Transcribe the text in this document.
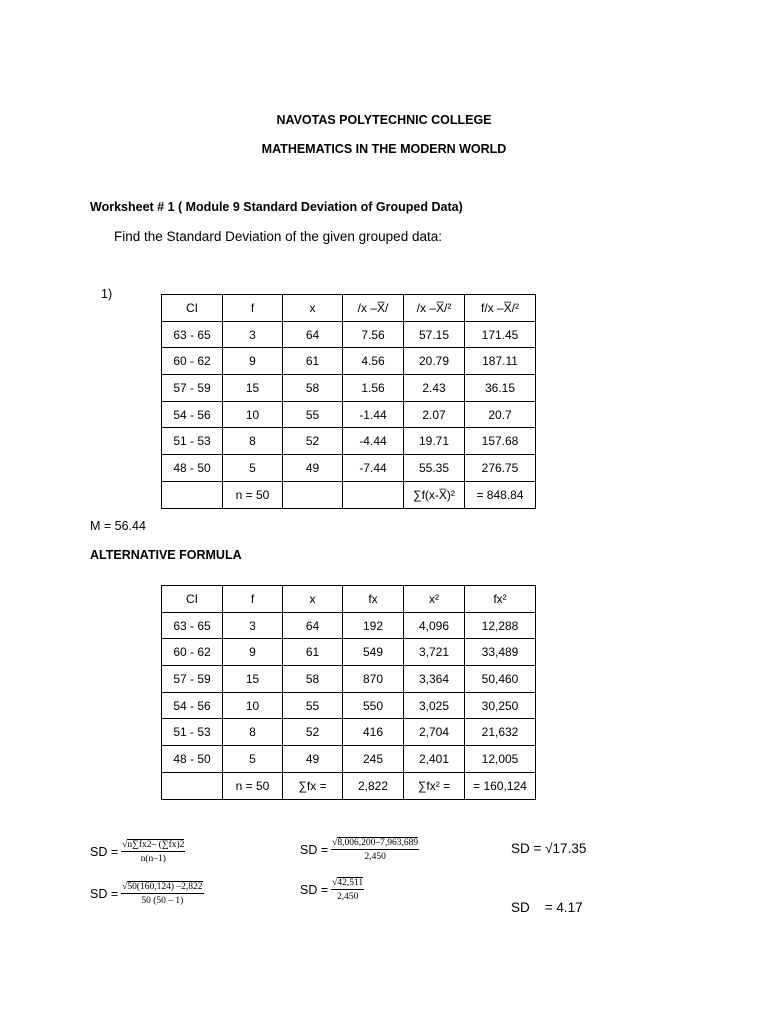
NAVOTAS POLYTECHNIC COLLEGE
MATHEMATICS IN THE MODERN WORLD
Worksheet # 1 ( Module 9 Standard Deviation of Grouped Data)
Find the Standard Deviation of the given grouped data:
1)
CI	f	x	/x –X̅/	/x –X̅/²	f/x –X̅/²
63 - 65	3	64	7.56	57.15	171.45
60 - 62	9	61	4.56	20.79	187.11
57 - 59	15	58	1.56	2.43	36.15
54 - 56	10	55	-1.44	2.07	20.7
51 - 53	8	52	-4.44	19.71	157.68
48 - 50	5	49	-7.44	55.35	276.75
	n = 50			∑f(x-X̅)²	= 848.84
M = 56.44
ALTERNATIVE FORMULA
CI	f	x	fx	x²	fx²
63 - 65	3	64	192	4,096	12,288
60 - 62	9	61	549	3,721	33,489
57 - 59	15	58	870	3,364	50,460
54 - 56	10	55	550	3,025	30,250
51 - 53	8	52	416	2,704	21,632
48 - 50	5	49	245	2,401	12,005
	n = 50	∑fx =	2,822	∑fx² =	= 160,124
SD = $\frac{√n\sum fx2- (\sum fx)2}{n(n-1)}$
SD = $\frac{√50(160,124) -2,822}{50 (50 - 1)}$
SD = $\frac{√8,006,200-7,963,689}{2,450}$
SD = $\frac{√42,511}{2,450}$
SD = √17.35
SD    = 4.17
